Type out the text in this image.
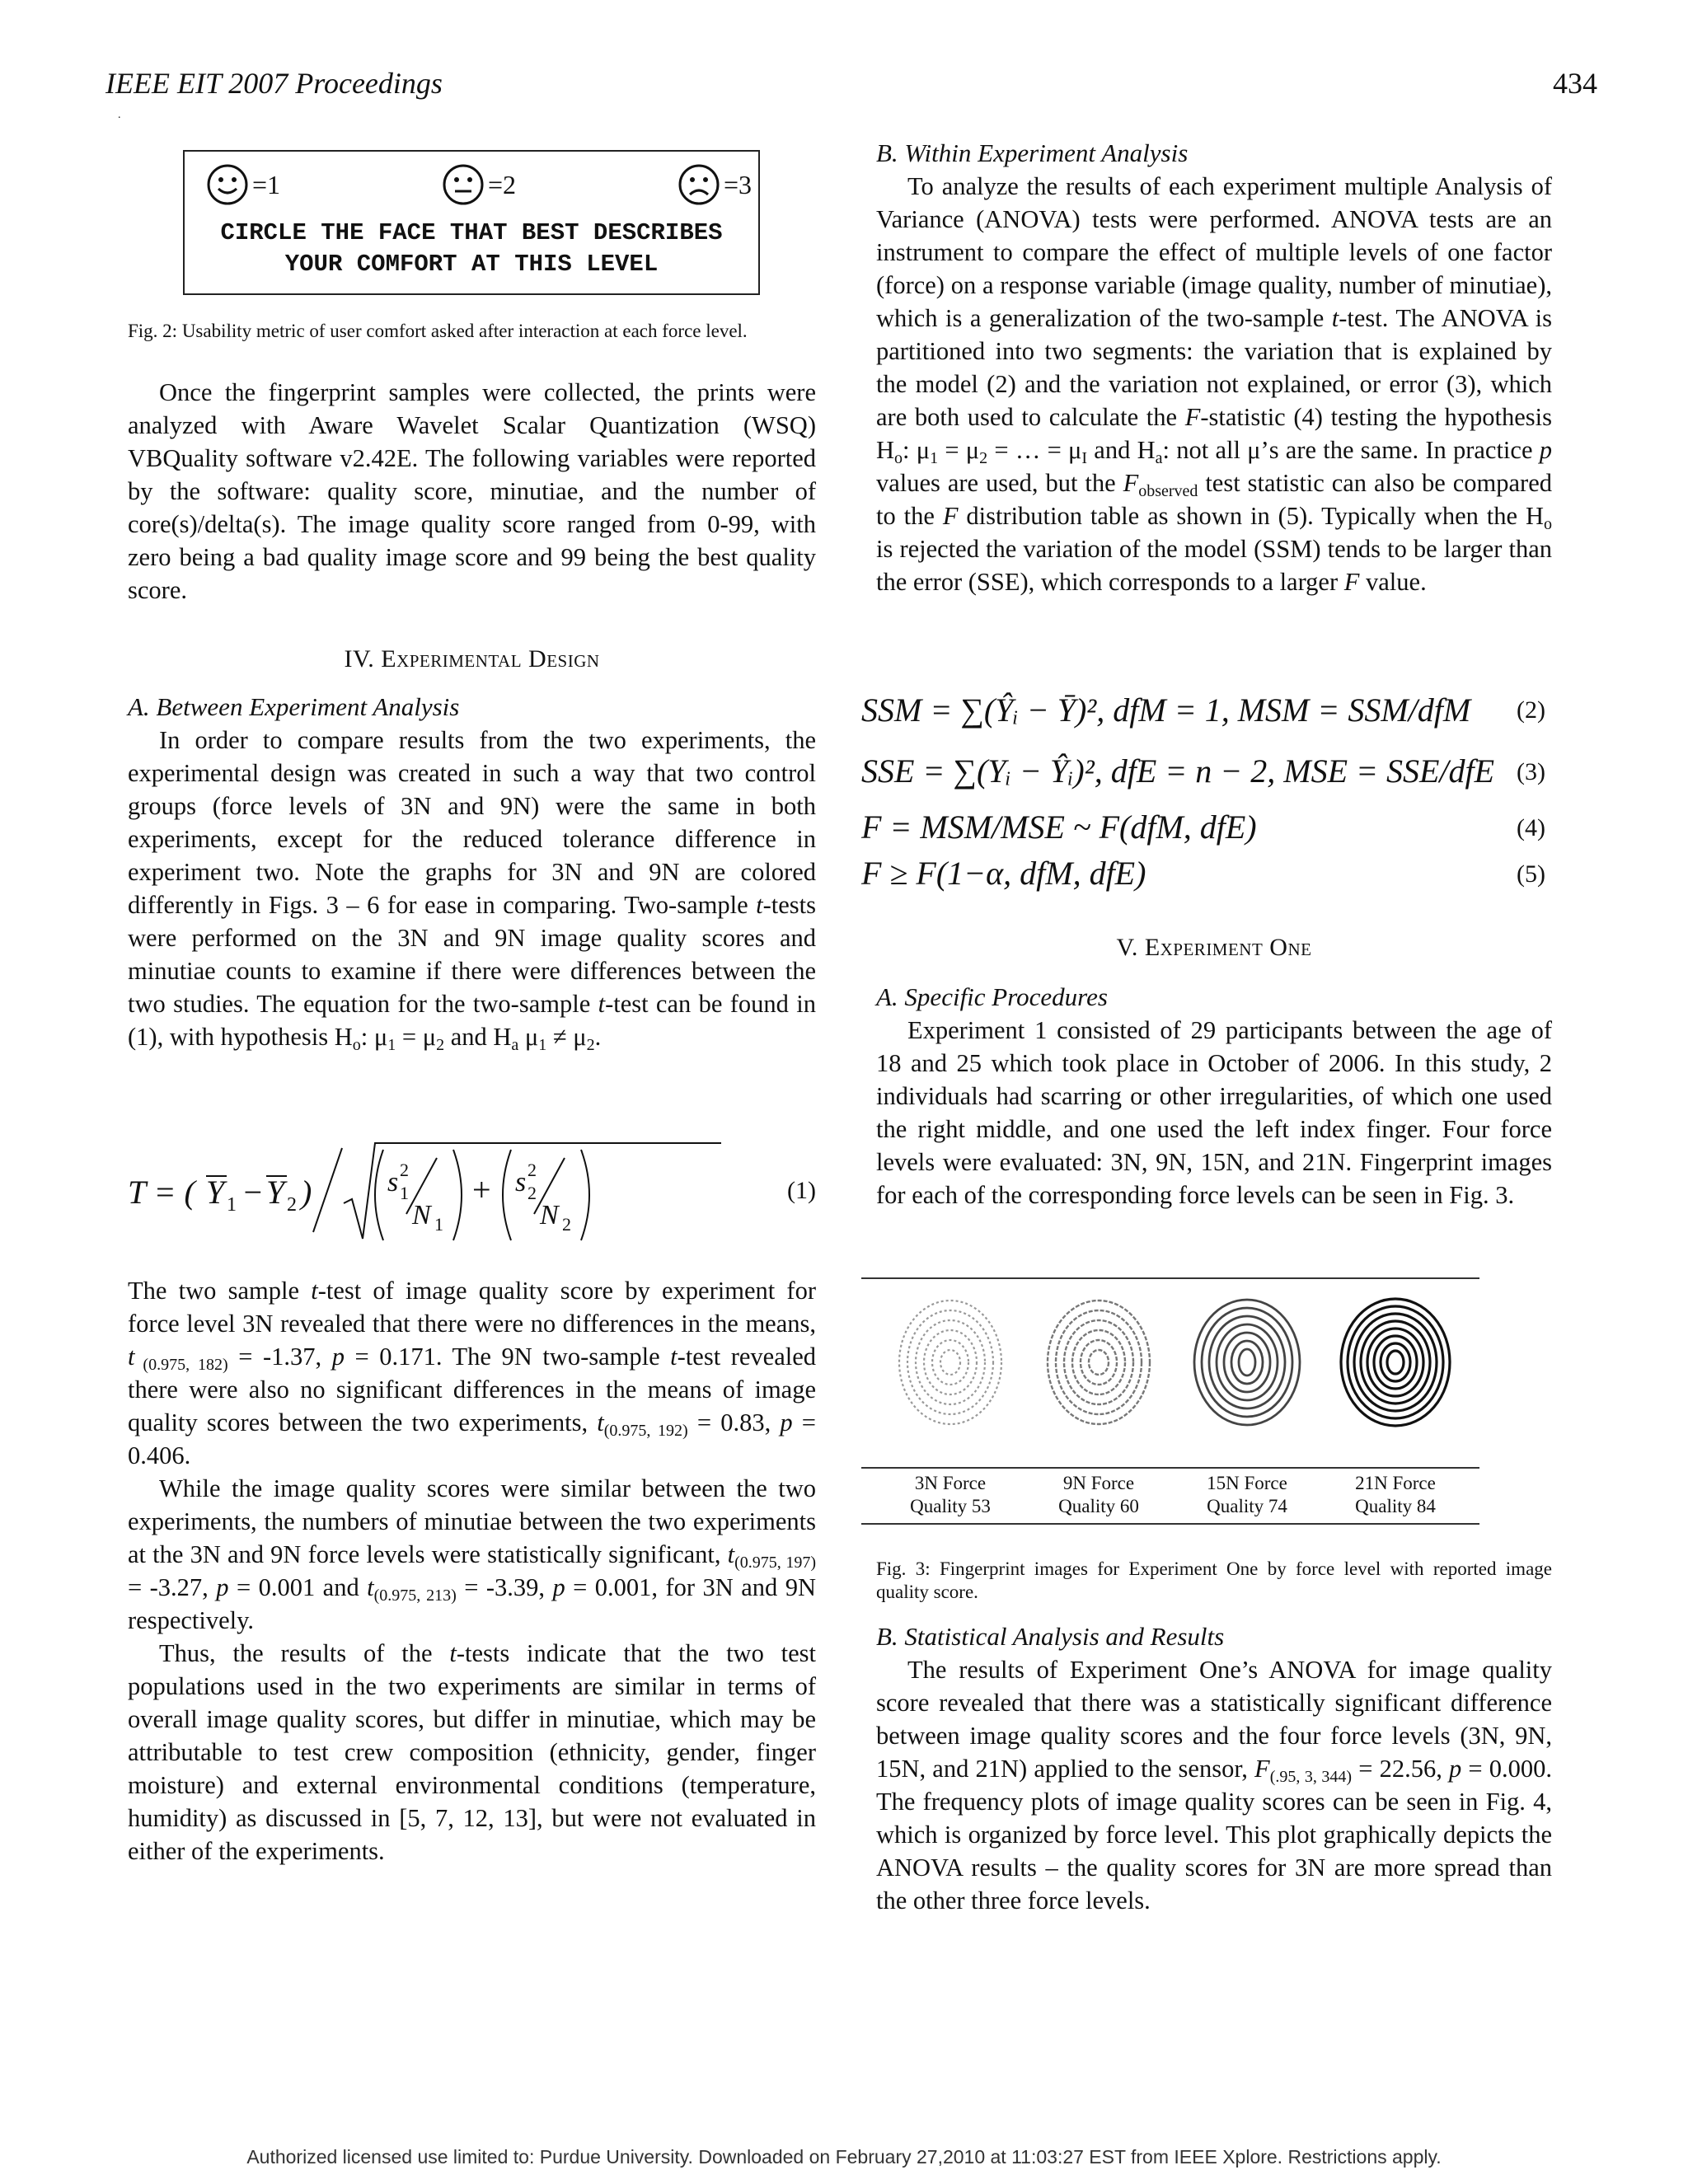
IEEE EIT 2007 Proceedings	434
.
=1	=2	=3
CIRCLE THE FACE THAT BEST DESCRIBES
YOUR COMFORT AT THIS LEVEL

Fig. 2: Usability metric of user comfort asked after interaction at each force level.

Once the fingerprint samples were collected, the prints were analyzed with Aware Wavelet Scalar Quantization (WSQ) VBQuality software v2.42E. The following variables were reported by the software: quality score, minutiae, and the number of core(s)/delta(s). The image quality score ranged from 0-99, with zero being a bad quality image score and 99 being the best quality score.

IV. Experimental Design

A. Between Experiment Analysis

In order to compare results from the two experiments, the experimental design was created in such a way that two control groups (force levels of 3N and 9N) were the same in both experiments, except for the reduced tolerance difference in experiment two. Note the graphs for 3N and 9N are colored differently in Figs. 3 – 6 for ease in comparing. Two-sample t-tests were performed on the 3N and 9N image quality scores and minutiae counts to examine if there were differences between the two studies. The equation for the two-sample t-test can be found in (1), with hypothesis $H_o$: $\mu_1 = \mu_2$ and $H_a$ $\mu_1 \ne \mu_2$.

T = ( Y 1 − Y 2 )	s 2
1
N 1
+ s 2
2
N 2
(1)

The two sample t-test of image quality score by experiment for force level 3N revealed that there were no differences in the means, t $_{(0.975, 182)}$ = -1.37, p = 0.171. The 9N two-sample t-test revealed there were also no significant differences in the means of image quality scores between the two experiments, $t_{(0.975, 192)} = 0.83$, p = 0.406.

While the image quality scores were similar between the two experiments, the numbers of minutiae between the two experiments at the 3N and 9N force levels were statistically significant, $t_{(0.975, 197)} = -3.27$, p = 0.001 and $t_{(0.975, 213)} = -3.39$, p = 0.001, for 3N and 9N respectively.

Thus, the results of the t-tests indicate that the two test populations used in the two experiments are similar in terms of overall image quality scores, but differ in minutiae, which may be attributable to test crew composition (ethnicity, gender, finger moisture) and external environmental conditions (temperature, humidity) as discussed in [5, 7, 12, 13], but were not evaluated in either of the experiments.

B. Within Experiment Analysis

To analyze the results of each experiment multiple Analysis of Variance (ANOVA) tests were performed. ANOVA tests are an instrument to compare the effect of multiple levels of one factor (force) on a response variable (image quality, number of minutiae), which is a generalization of the two-sample t-test. The ANOVA is partitioned into two segments: the variation that is explained by the model (2) and the variation not explained, or error (3), which are both used to calculate the F-statistic (4) testing the hypothesis $H_o$: $\mu_1 = \mu_2$ = … = $\mu_I$ and $H_a$: not all μ’s are the same. In practice p values are used, but the $F_{observed}$ test statistic can also be compared to the F distribution table as shown in (5). Typically when the $H_o$ is rejected the variation of the model (SSM) tends to be larger than the error (SSE), which corresponds to a larger F value.

SSM = ∑(Ŷᵢ − Ȳ)², dfM = 1, MSM = SSM/dfM (2)
SSE = ∑(Yᵢ − Ŷᵢ)², dfE = n − 2, MSE = SSE/dfE (3)
F = MSM/MSE ~ F(dfM, dfE)	(4)
F ≥ F(1−α, dfM, dfE)	(5)

V. Experiment One

A. Specific Procedures

Experiment 1 consisted of 29 participants between the age of 18 and 25 which took place in October of 2006. In this study, 2 individuals had scarring or other irregularities, of which one used the right middle, and one used the left index finger. Four force levels were evaluated: 3N, 9N, 15N, and 21N. Fingerprint images for each of the corresponding force levels can be seen in Fig. 3.

3N Force
Quality 53
9N Force
Quality 60
15N Force
Quality 74
21N Force
Quality 84

Fig. 3: Fingerprint images for Experiment One by force level with reported image quality score.

B. Statistical Analysis and Results

The results of Experiment One’s ANOVA for image quality score revealed that there was a statistically significant difference between image quality scores and the four force levels (3N, 9N, 15N, and 21N) applied to the sensor, $F_{(.95, 3, 344)} = 22.56$, p = 0.000. The frequency plots of image quality scores can be seen in Fig. 4, which is organized by force level. This plot graphically depicts the ANOVA results – the quality scores for 3N are more spread than the other three force levels.

Authorized licensed use limited to: Purdue University. Downloaded on February 27,2010 at 11:03:27 EST from IEEE Xplore. Restrictions apply.
